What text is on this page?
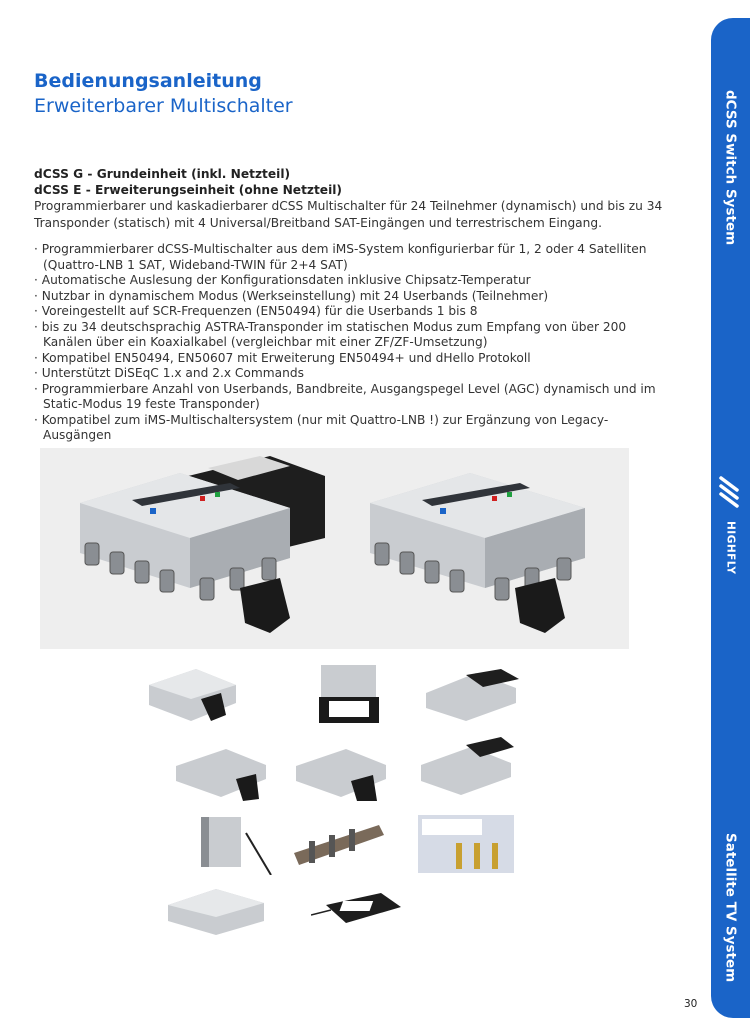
Bedienungsanleitung
Erweiterbarer Multischalter
dCSS G - Grundeinheit (inkl. Netzteil)
dCSS E - Erweiterungseinheit (ohne Netzteil)

Programmierbarer und kaskadierbarer dCSS Multischalter für 24 Teilnehmer (dynamisch) und bis zu 34 Transponder (statisch) mit 4 Universal/Breitband SAT-Eingängen und terrestrischem Eingang.

· Programmierbarer dCSS-Multischalter aus dem iMS-System konfigurierbar für 1, 2 oder 4 Satelliten (Quattro-LNB 1 SAT, Wideband-TWIN für 2+4 SAT)
· Automatische Auslesung der Konfigurationsdaten inklusive Chipsatz-Temperatur
· Nutzbar in dynamischem Modus (Werkseinstellung) mit 24 Userbands (Teilnehmer)
· Voreingestellt auf SCR-Frequenzen (EN50494) für die Userbands 1 bis 8
· bis zu 34 deutschsprachig ASTRA-Transponder im statischen Modus zum Empfang von über 200 Kanälen über ein Koaxialkabel (vergleichbar mit einer ZF/ZF-Umsetzung)
· Kompatibel EN50494, EN50607 mit Erweiterung EN50494+ und dHello Protokoll
· Unterstützt DiSEqC 1.x and 2.x Commands
· Programmierbare Anzahl von Userbands, Bandbreite, Ausgangspegel Level (AGC) dynamisch und im Static-Modus 19 feste Transponder)
· Kompatibel zum iMS-Multischaltersystem (nur mit Quattro-LNB !) zur Ergänzung von Legacy-Ausgängen
dCSS Switch System
HIGHFLY
Satellite TV System
30
